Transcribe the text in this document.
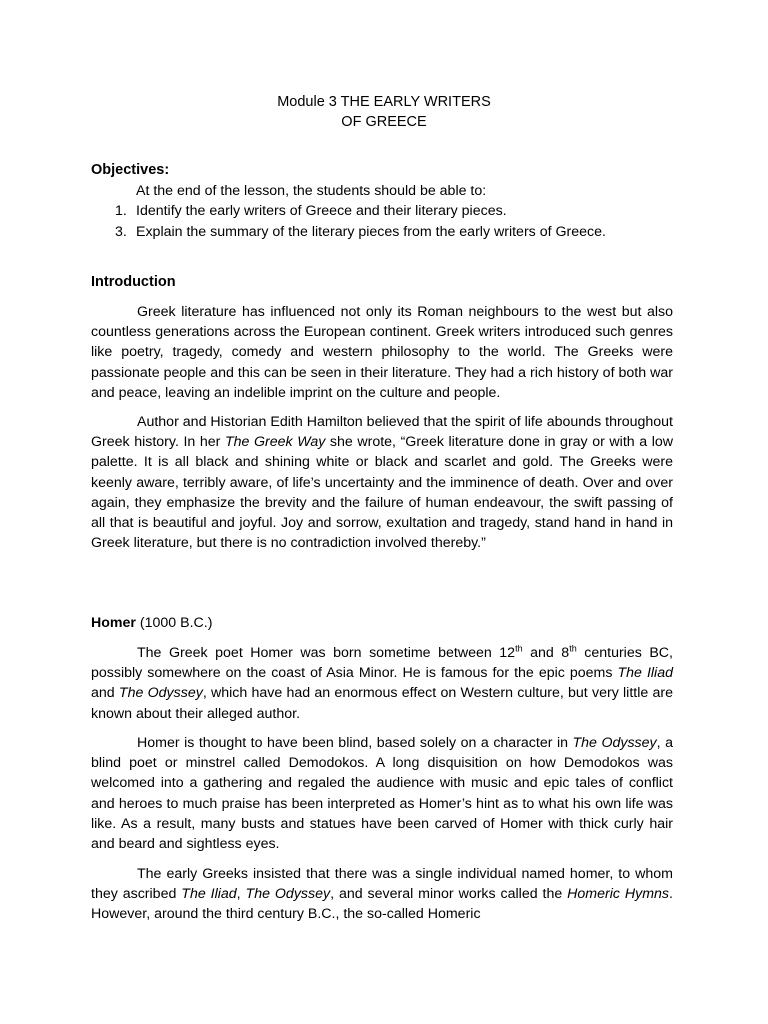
Module 3 THE EARLY WRITERS
OF GREECE
Objectives:
At the end of the lesson, the students should be able to:
1. Identify the early writers of Greece and their literary pieces.
3. Explain the summary of the literary pieces from the early writers of Greece.
Introduction

Greek literature has influenced not only its Roman neighbours to the west but also countless generations across the European continent. Greek writers introduced such genres like poetry, tragedy, comedy and western philosophy to the world. The Greeks were passionate people and this can be seen in their literature. They had a rich history of both war and peace, leaving an indelible imprint on the culture and people.

Author and Historian Edith Hamilton believed that the spirit of life abounds throughout Greek history. In her The Greek Way she wrote, “Greek literature done in gray or with a low palette. It is all black and shining white or black and scarlet and gold. The Greeks were keenly aware, terribly aware, of life’s uncertainty and the imminence of death. Over and over again, they emphasize the brevity and the failure of human endeavour, the swift passing of all that is beautiful and joyful. Joy and sorrow, exultation and tragedy, stand hand in hand in Greek literature, but there is no contradiction involved thereby.”

Homer (1000 B.C.)

The Greek poet Homer was born sometime between 12th and 8th centuries BC, possibly somewhere on the coast of Asia Minor. He is famous for the epic poems The Iliad and The Odyssey, which have had an enormous effect on Western culture, but very little are known about their alleged author.

Homer is thought to have been blind, based solely on a character in The Odyssey, a blind poet or minstrel called Demodokos. A long disquisition on how Demodokos was welcomed into a gathering and regaled the audience with music and epic tales of conflict and heroes to much praise has been interpreted as Homer’s hint as to what his own life was like. As a result, many busts and statues have been carved of Homer with thick curly hair and beard and sightless eyes.

The early Greeks insisted that there was a single individual named homer, to whom they ascribed The Iliad, The Odyssey, and several minor works called the Homeric Hymns. However, around the third century B.C., the so-called Homeric
